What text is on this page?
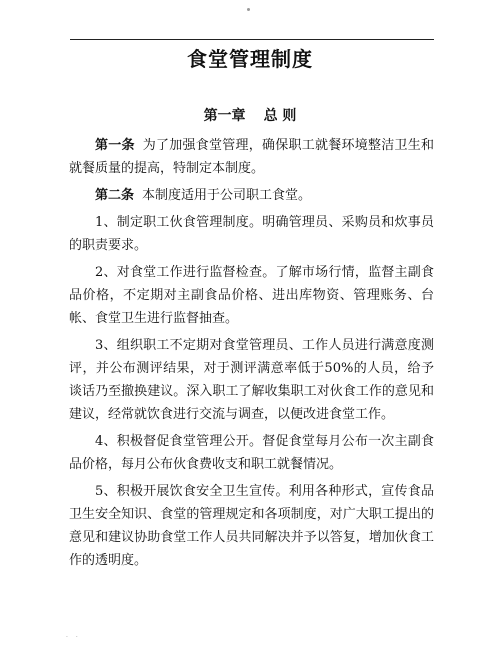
食堂管理制度
第一章 总 则

第一条 为了加强食堂管理，确保职工就餐环境整洁卫生和就餐质量的提高，特制定本制度。

第二条 本制度适用于公司职工食堂。

1、制定职工伙食管理制度。明确管理员、采购员和炊事员的职责要求。

2、对食堂工作进行监督检查。了解市场行情，监督主副食品价格，不定期对主副食品价格、进出库物资、管理账务、台帐、食堂卫生进行监督抽查。

3、组织职工不定期对食堂管理员、工作人员进行满意度测评，并公布测评结果，对于测评满意率低于50%的人员，给予谈话乃至撤换建议。深入职工了解收集职工对伙食工作的意见和建议，经常就饮食进行交流与调查，以便改进食堂工作。

4、积极督促食堂管理公开。督促食堂每月公布一次主副食品价格，每月公布伙食费收支和职工就餐情况。

5、积极开展饮食安全卫生宣传。利用各种形式，宣传食品卫生安全知识、食堂的管理规定和各项制度，对广大职工提出的意见和建议协助食堂工作人员共同解决并予以答复，增加伙食工作的透明度。

. .
